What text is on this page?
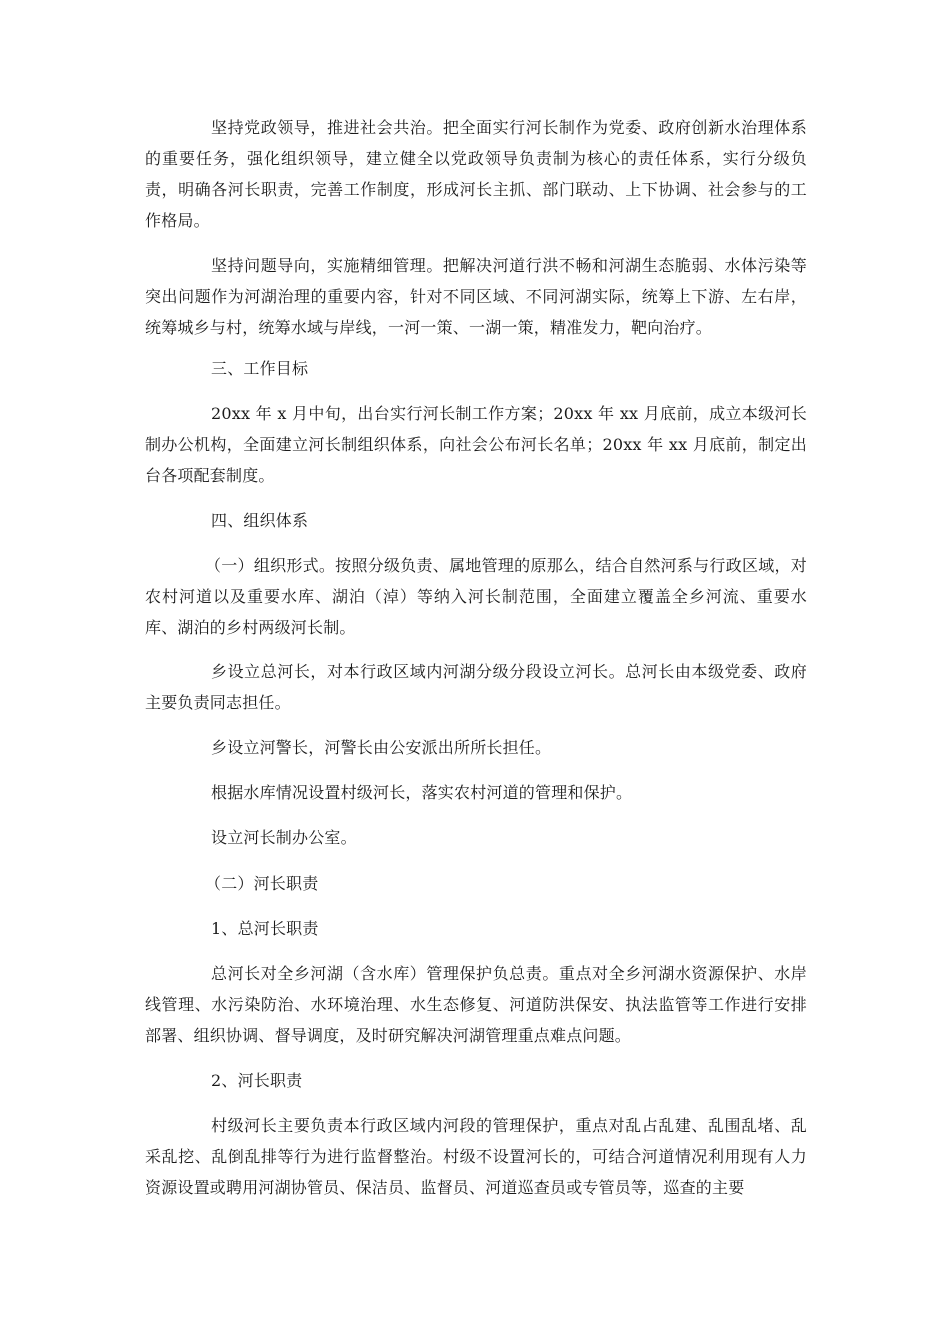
坚持党政领导，推进社会共治。把全面实行河长制作为党委、政府创新水治理体系的重要任务，强化组织领导，建立健全以党政领导负责制为核心的责任体系，实行分级负责，明确各河长职责，完善工作制度，形成河长主抓、部门联动、上下协调、社会参与的工作格局。

坚持问题导向，实施精细管理。把解决河道行洪不畅和河湖生态脆弱、水体污染等突出问题作为河湖治理的重要内容，针对不同区域、不同河湖实际，统筹上下游、左右岸，统筹城乡与村，统筹水域与岸线，一河一策、一湖一策，精准发力，靶向治疗。

三、工作目标

20xx 年 x 月中旬，出台实行河长制工作方案；20xx 年 xx 月底前，成立本级河长制办公机构，全面建立河长制组织体系，向社会公布河长名单；20xx 年 xx 月底前，制定出台各项配套制度。

四、组织体系

（一）组织形式。按照分级负责、属地管理的原那么，结合自然河系与行政区域，对农村河道以及重要水库、湖泊（淖）等纳入河长制范围，全面建立覆盖全乡河流、重要水库、湖泊的乡村两级河长制。

乡设立总河长，对本行政区域内河湖分级分段设立河长。总河长由本级党委、政府主要负责同志担任。

乡设立河警长，河警长由公安派出所所长担任。

根据水库情况设置村级河长，落实农村河道的管理和保护。

设立河长制办公室。

（二）河长职责

1、总河长职责

总河长对全乡河湖（含水库）管理保护负总责。重点对全乡河湖水资源保护、水岸线管理、水污染防治、水环境治理、水生态修复、河道防洪保安、执法监管等工作进行安排部署、组织协调、督导调度，及时研究解决河湖管理重点难点问题。

2、河长职责

村级河长主要负责本行政区域内河段的管理保护，重点对乱占乱建、乱围乱堵、乱采乱挖、乱倒乱排等行为进行监督整治。村级不设置河长的，可结合河道情况利用现有人力资源设置或聘用河湖协管员、保洁员、监督员、河道巡查员或专管员等，巡查的主要
